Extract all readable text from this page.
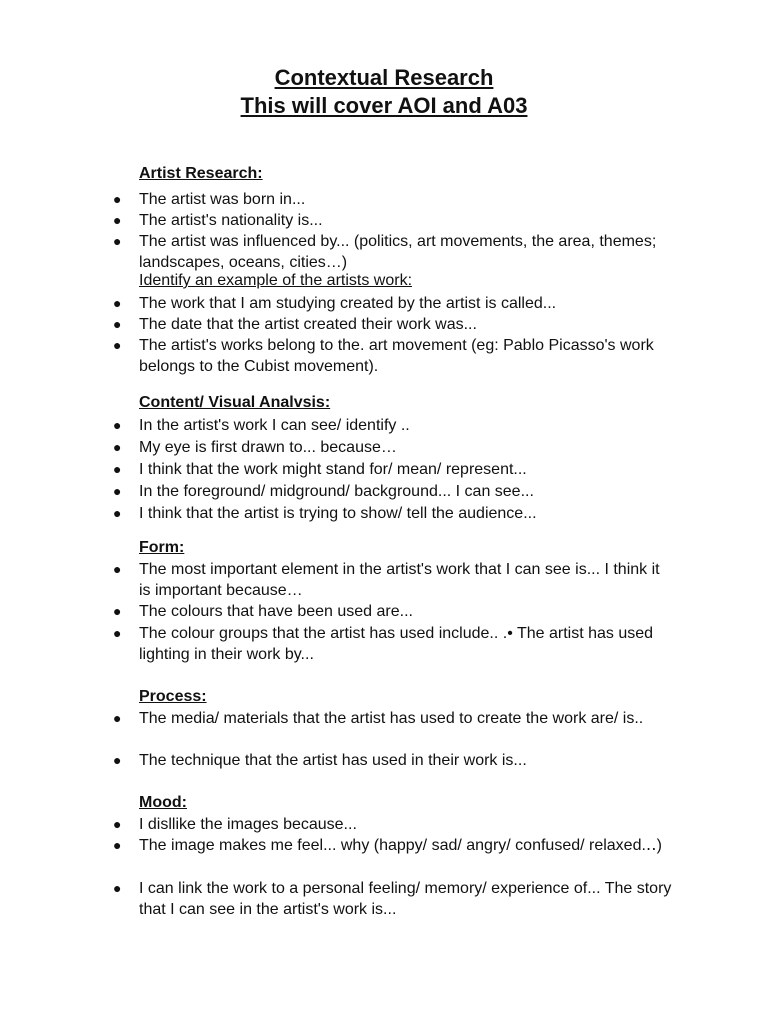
Contextual Research
This will cover AOI and A03
Artist Research:
● The artist was born in...
● The artist's nationality is...
● The artist was influenced by... (politics, art movements, the area, themes; landscapes, oceans, cities…)
Identify an example of the artists work:
● The work that I am studying created by the artist is called...
● The date that the artist created their work was...
● The artist's works belong to the. art movement (eg: Pablo Picasso's work belongs to the Cubist movement).
Content/ Visual Analvsis:
● In the artist's work I can see/ identify ..
● My eye is first drawn to... because…
● I think that the work might stand for/ mean/ represent...
● In the foreground/ midground/ background... I can see...
● I think that the artist is trying to show/ tell the audience...
Form:
● The most important element in the artist's work that I can see is... I think it is important because…
● The colours that have been used are...
● The colour groups that the artist has used include.. .• The artist has used lighting in their work by...
Process:
● The media/ materials that the artist has used to create the work are/ is..
● The technique that the artist has used in their work is...
Mood:
● I disllike the images because...
● The image makes me feel... why (happy/ sad/ angry/ confused/ relaxed.‥)
● I can link the work to a personal feeling/ memory/ experience of... The story that I can see in the artist's work is...
